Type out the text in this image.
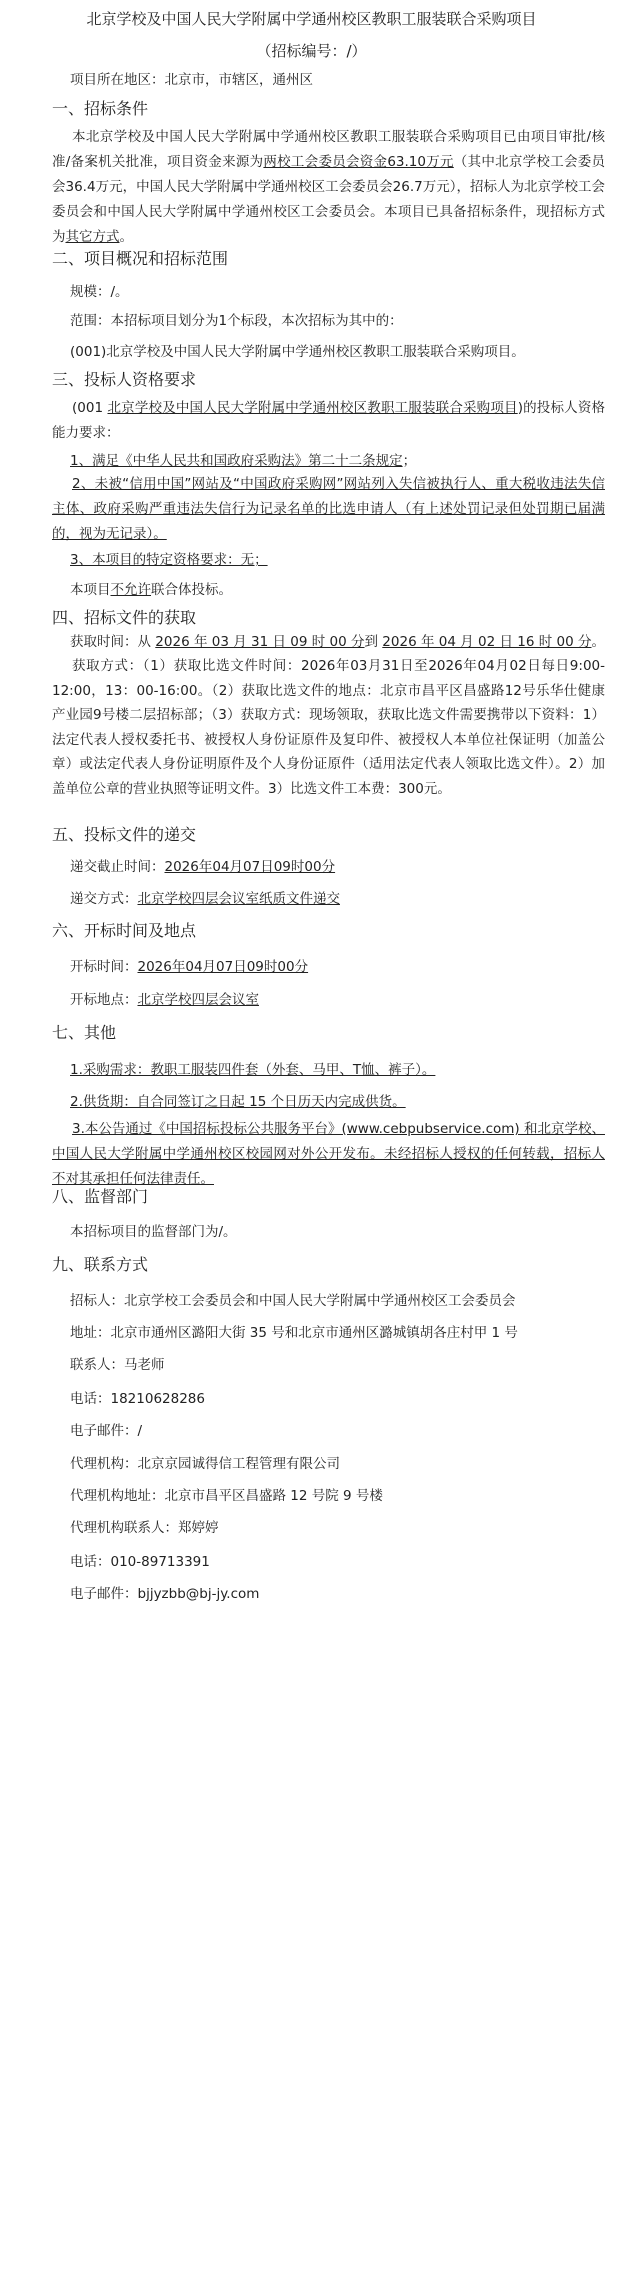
北京学校及中国人民大学附属中学通州校区教职工服装联合采购项目
（招标编号：/）
项目所在地区：北京市，市辖区，通州区
一、招标条件
本北京学校及中国人民大学附属中学通州校区教职工服装联合采购项目已由项目审批/核准/备案机关批准，项目资金来源为两校工会委员会资金63.10万元（其中北京学校工会委员会36.4万元，中国人民大学附属中学通州校区工会委员会26.7万元），招标人为北京学校工会委员会和中国人民大学附属中学通州校区工会委员会。本项目已具备招标条件，现招标方式为其它方式。
二、项目概况和招标范围
规模：/。
范围：本招标项目划分为1个标段，本次招标为其中的：
(001)北京学校及中国人民大学附属中学通州校区教职工服装联合采购项目。
三、投标人资格要求
(001 北京学校及中国人民大学附属中学通州校区教职工服装联合采购项目)的投标人资格能力要求：
1、满足《中华人民共和国政府采购法》第二十二条规定；
2、未被“信用中国”网站及“中国政府采购网”网站列入失信被执行人、重大税收违法失信主体、政府采购严重违法失信行为记录名单的比选申请人（有上述处罚记录但处罚期已届满的，视为无记录）。
3、本项目的特定资格要求：无；
本项目不允许联合体投标。
四、招标文件的获取
获取时间：从 2026 年 03 月 31 日 09 时 00 分到 2026 年 04 月 02 日 16 时 00 分。
获取方式：（1）获取比选文件时间：2026年03月31日至2026年04月02日每日9:00-12:00，13：00-16:00。（2）获取比选文件的地点：北京市昌平区昌盛路12号乐华仕健康产业园9号楼二层招标部；（3）获取方式：现场领取，获取比选文件需要携带以下资料：1）法定代表人授权委托书、被授权人身份证原件及复印件、被授权人本单位社保证明（加盖公章）或法定代表人身份证明原件及个人身份证原件（适用法定代表人领取比选文件）。2）加盖单位公章的营业执照等证明文件。3）比选文件工本费：300元。
五、投标文件的递交
递交截止时间：2026年04月07日09时00分
递交方式：北京学校四层会议室纸质文件递交
六、开标时间及地点
开标时间：2026年04月07日09时00分
开标地点：北京学校四层会议室
七、其他
1.采购需求：教职工服装四件套（外套、马甲、T恤、裤子）。
2.供货期：自合同签订之日起 15 个日历天内完成供货。
3.本公告通过《中国招标投标公共服务平台》(www.cebpubservice.com) 和北京学校、中国人民大学附属中学通州校区校园网对外公开发布。未经招标人授权的任何转载，招标人不对其承担任何法律责任。
八、监督部门
本招标项目的监督部门为/。
九、联系方式
招标人：北京学校工会委员会和中国人民大学附属中学通州校区工会委员会
地址：北京市通州区潞阳大街 35 号和北京市通州区潞城镇胡各庄村甲 1 号
联系人：马老师
电话：18210628286
电子邮件：/
代理机构：北京京园诚得信工程管理有限公司
代理机构地址：北京市昌平区昌盛路 12 号院 9 号楼
代理机构联系人：郑婷婷
电话：010-89713391
电子邮件：bjjyzbb@bj-jy.com
